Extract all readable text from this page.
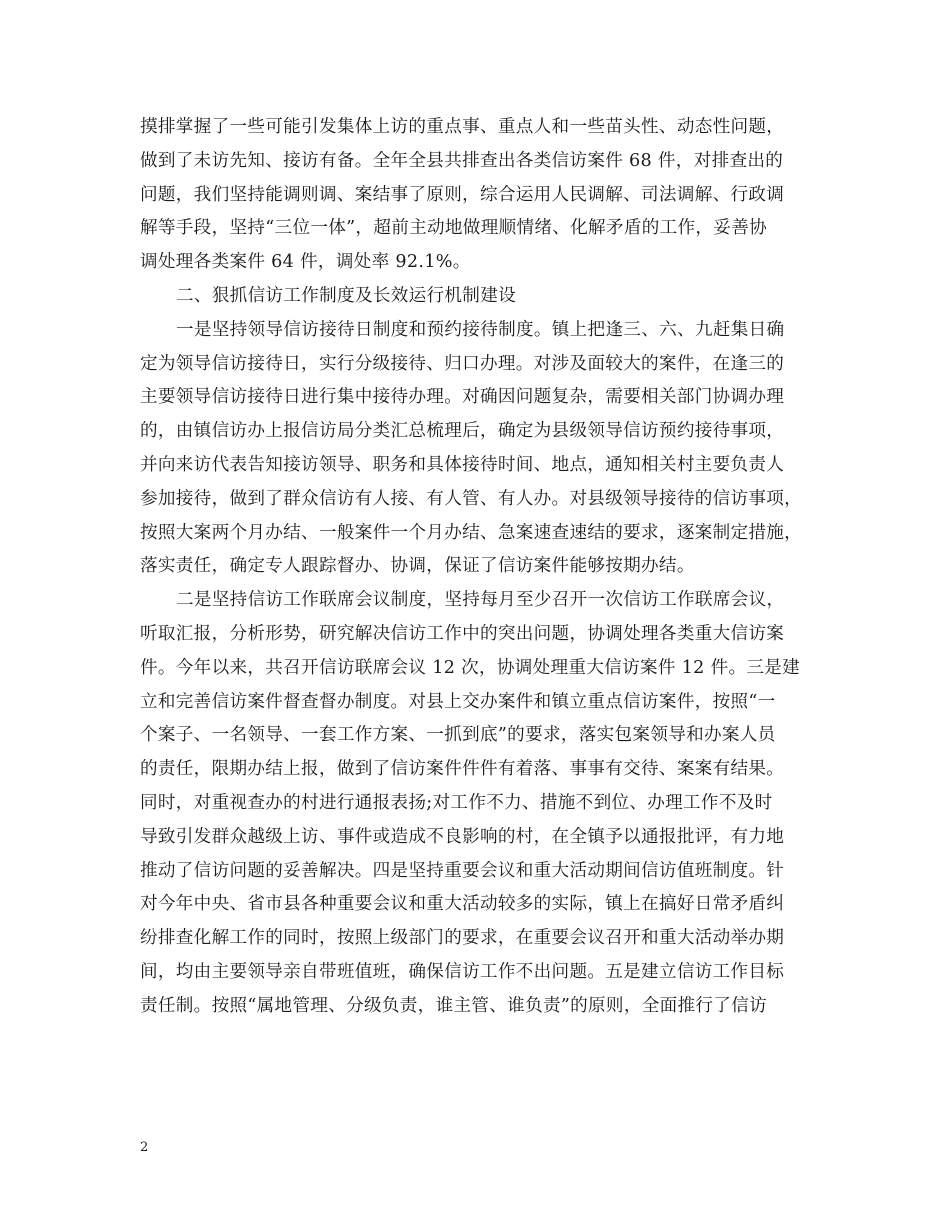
摸排掌握了一些可能引发集体上访的重点事、重点人和一些苗头性、动态性问题，
做到了未访先知、接访有备。全年全县共排查出各类信访案件 68 件，对排查出的
问题，我们坚持能调则调、案结事了原则，综合运用人民调解、司法调解、行政调
解等手段，坚持“三位一体”，超前主动地做理顺情绪、化解矛盾的工作，妥善协
调处理各类案件 64 件，调处率 92.1%。
二、狠抓信访工作制度及长效运行机制建设
一是坚持领导信访接待日制度和预约接待制度。镇上把逢三、六、九赶集日确
定为领导信访接待日，实行分级接待、归口办理。对涉及面较大的案件，在逢三的
主要领导信访接待日进行集中接待办理。对确因问题复杂，需要相关部门协调办理
的，由镇信访办上报信访局分类汇总梳理后，确定为县级领导信访预约接待事项，
并向来访代表告知接访领导、职务和具体接待时间、地点，通知相关村主要负责人
参加接待，做到了群众信访有人接、有人管、有人办。对县级领导接待的信访事项，
按照大案两个月办结、一般案件一个月办结、急案速查速结的要求，逐案制定措施，
落实责任，确定专人跟踪督办、协调，保证了信访案件能够按期办结。
二是坚持信访工作联席会议制度，坚持每月至少召开一次信访工作联席会议，
听取汇报，分析形势，研究解决信访工作中的突出问题，协调处理各类重大信访案
件。今年以来，共召开信访联席会议 12 次，协调处理重大信访案件 12 件。三是建
立和完善信访案件督查督办制度。对县上交办案件和镇立重点信访案件，按照“一
个案子、一名领导、一套工作方案、一抓到底”的要求，落实包案领导和办案人员
的责任，限期办结上报，做到了信访案件件件有着落、事事有交待、案案有结果。
同时，对重视查办的村进行通报表扬;对工作不力、措施不到位、办理工作不及时
导致引发群众越级上访、事件或造成不良影响的村，在全镇予以通报批评，有力地
推动了信访问题的妥善解决。四是坚持重要会议和重大活动期间信访值班制度。针
对今年中央、省市县各种重要会议和重大活动较多的实际，镇上在搞好日常矛盾纠
纷排查化解工作的同时，按照上级部门的要求，在重要会议召开和重大活动举办期
间，均由主要领导亲自带班值班，确保信访工作不出问题。五是建立信访工作目标
责任制。按照“属地管理、分级负责，谁主管、谁负责”的原则，全面推行了信访
2
